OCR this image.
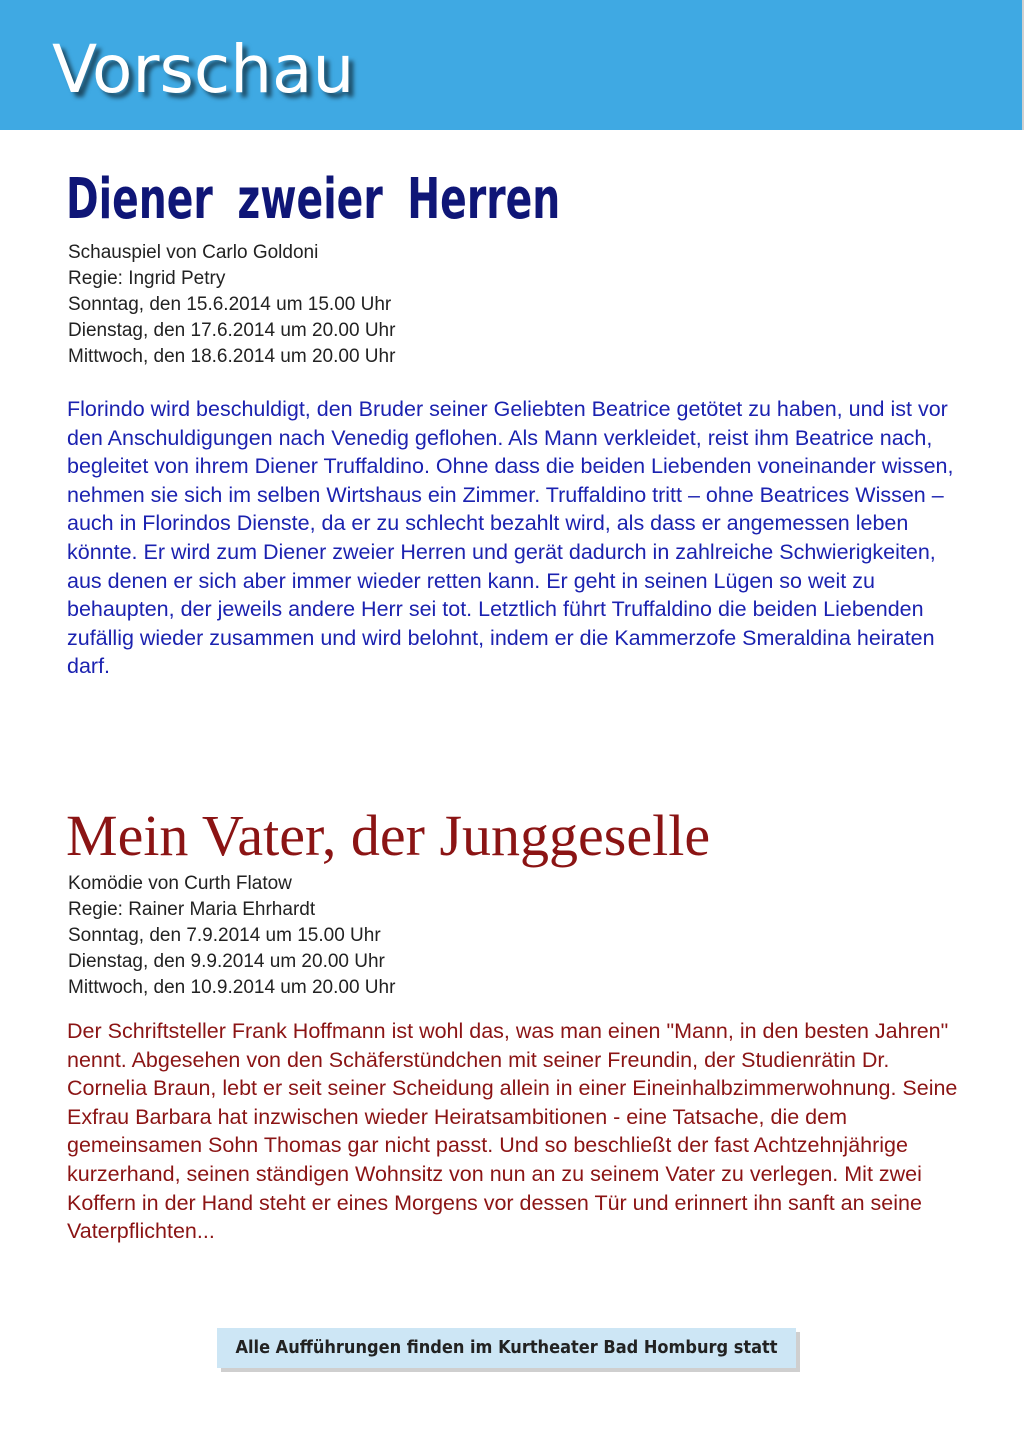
Vorschau
Diener zweier Herren
Schauspiel von Carlo Goldoni
Regie: Ingrid Petry
Sonntag, den 15.6.2014 um 15.00 Uhr
Dienstag, den 17.6.2014 um 20.00 Uhr
Mittwoch, den 18.6.2014 um 20.00 Uhr
Florindo wird beschuldigt, den Bruder seiner Geliebten Beatrice getötet zu haben, und ist vor den Anschuldigungen nach Venedig geflohen. Als Mann verkleidet, reist ihm Beatrice nach, begleitet von ihrem Diener Truffaldino. Ohne dass die beiden Liebenden voneinander wissen, nehmen sie sich im selben Wirtshaus ein Zimmer. Truffaldino tritt – ohne Beatrices Wissen – auch in Florindos Dienste, da er zu schlecht bezahlt wird, als dass er angemessen leben könnte. Er wird zum Diener zweier Herren und gerät dadurch in zahlreiche Schwierigkeiten, aus denen er sich aber immer wieder retten kann. Er geht in seinen Lügen so weit zu behaupten, der jeweils andere Herr sei tot. Letztlich führt Truffaldino die beiden Liebenden zufällig wieder zusammen und wird belohnt, indem er die Kammerzofe Smeraldina heiraten darf.
Mein Vater, der Junggeselle
Komödie von Curth Flatow
Regie: Rainer Maria Ehrhardt
Sonntag, den 7.9.2014 um 15.00 Uhr
Dienstag, den 9.9.2014 um 20.00 Uhr
Mittwoch, den 10.9.2014 um 20.00 Uhr
Der Schriftsteller Frank Hoffmann ist wohl das, was man einen "Mann, in den besten Jahren" nennt. Abgesehen von den Schäferstündchen mit seiner Freundin, der Studienrätin Dr. Cornelia Braun, lebt er seit seiner Scheidung allein in einer Eineinhalbzimmerwohnung. Seine Exfrau Barbara hat inzwischen wieder Heiratsambitionen - eine Tatsache, die dem gemeinsamen Sohn Thomas gar nicht passt. Und so beschließt der fast Achtzehnjährige kurzerhand, seinen ständigen Wohnsitz von nun an zu seinem Vater zu verlegen. Mit zwei Koffern in der Hand steht er eines Morgens vor dessen Tür und erinnert ihn sanft an seine Vaterpflichten...
Alle Aufführungen finden im Kurtheater Bad Homburg statt
